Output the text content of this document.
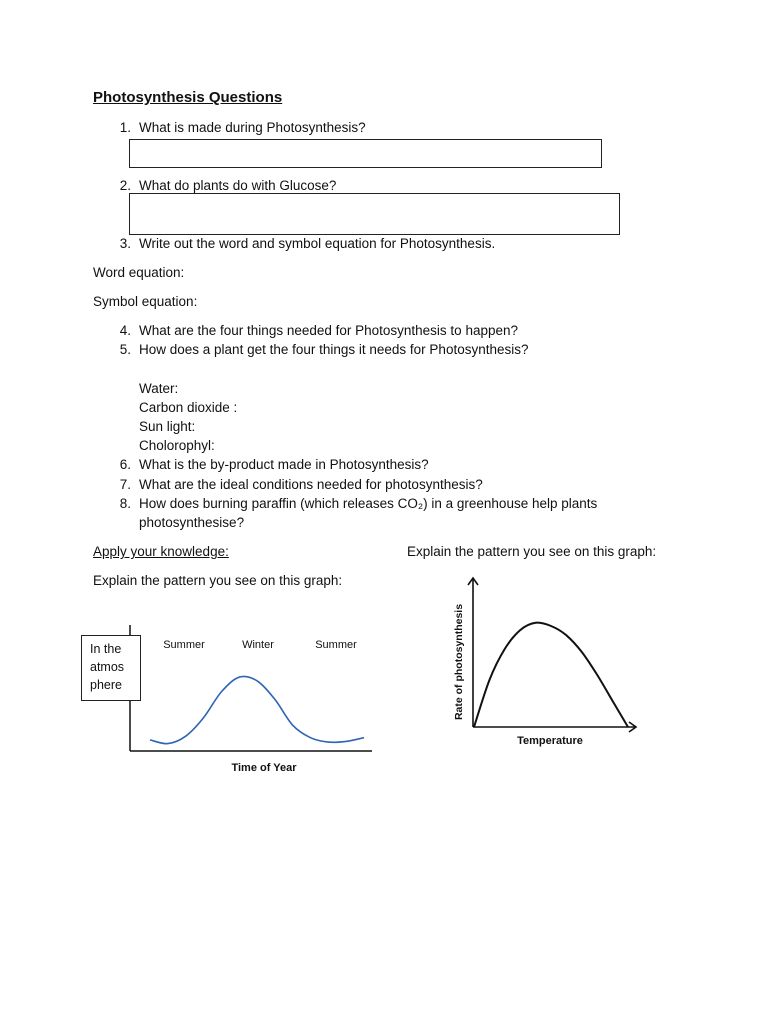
Photosynthesis Questions
1. What is made during Photosynthesis?
2. What do plants do with Glucose?
3. Write out the word and symbol equation for Photosynthesis.
Word equation:
Symbol equation:
4. What are the four things needed for Photosynthesis to happen?
5. How does a plant get the four things it needs for Photosynthesis?
Water:
Carbon dioxide :
Sun light:
Cholorophyl:
6. What is the by-product made in Photosynthesis?
7. What are the ideal conditions needed for photosynthesis?
8. How does burning paraffin (which releases CO₂) in a greenhouse help plants
photosynthesise?
Apply your knowledge:	Explain the pattern you see on this graph:
Explain the pattern you see on this graph:
Summer	Winter	Summer
Time of Year
In the
atmos
phere	Rate of photosynthesis
Temperature
